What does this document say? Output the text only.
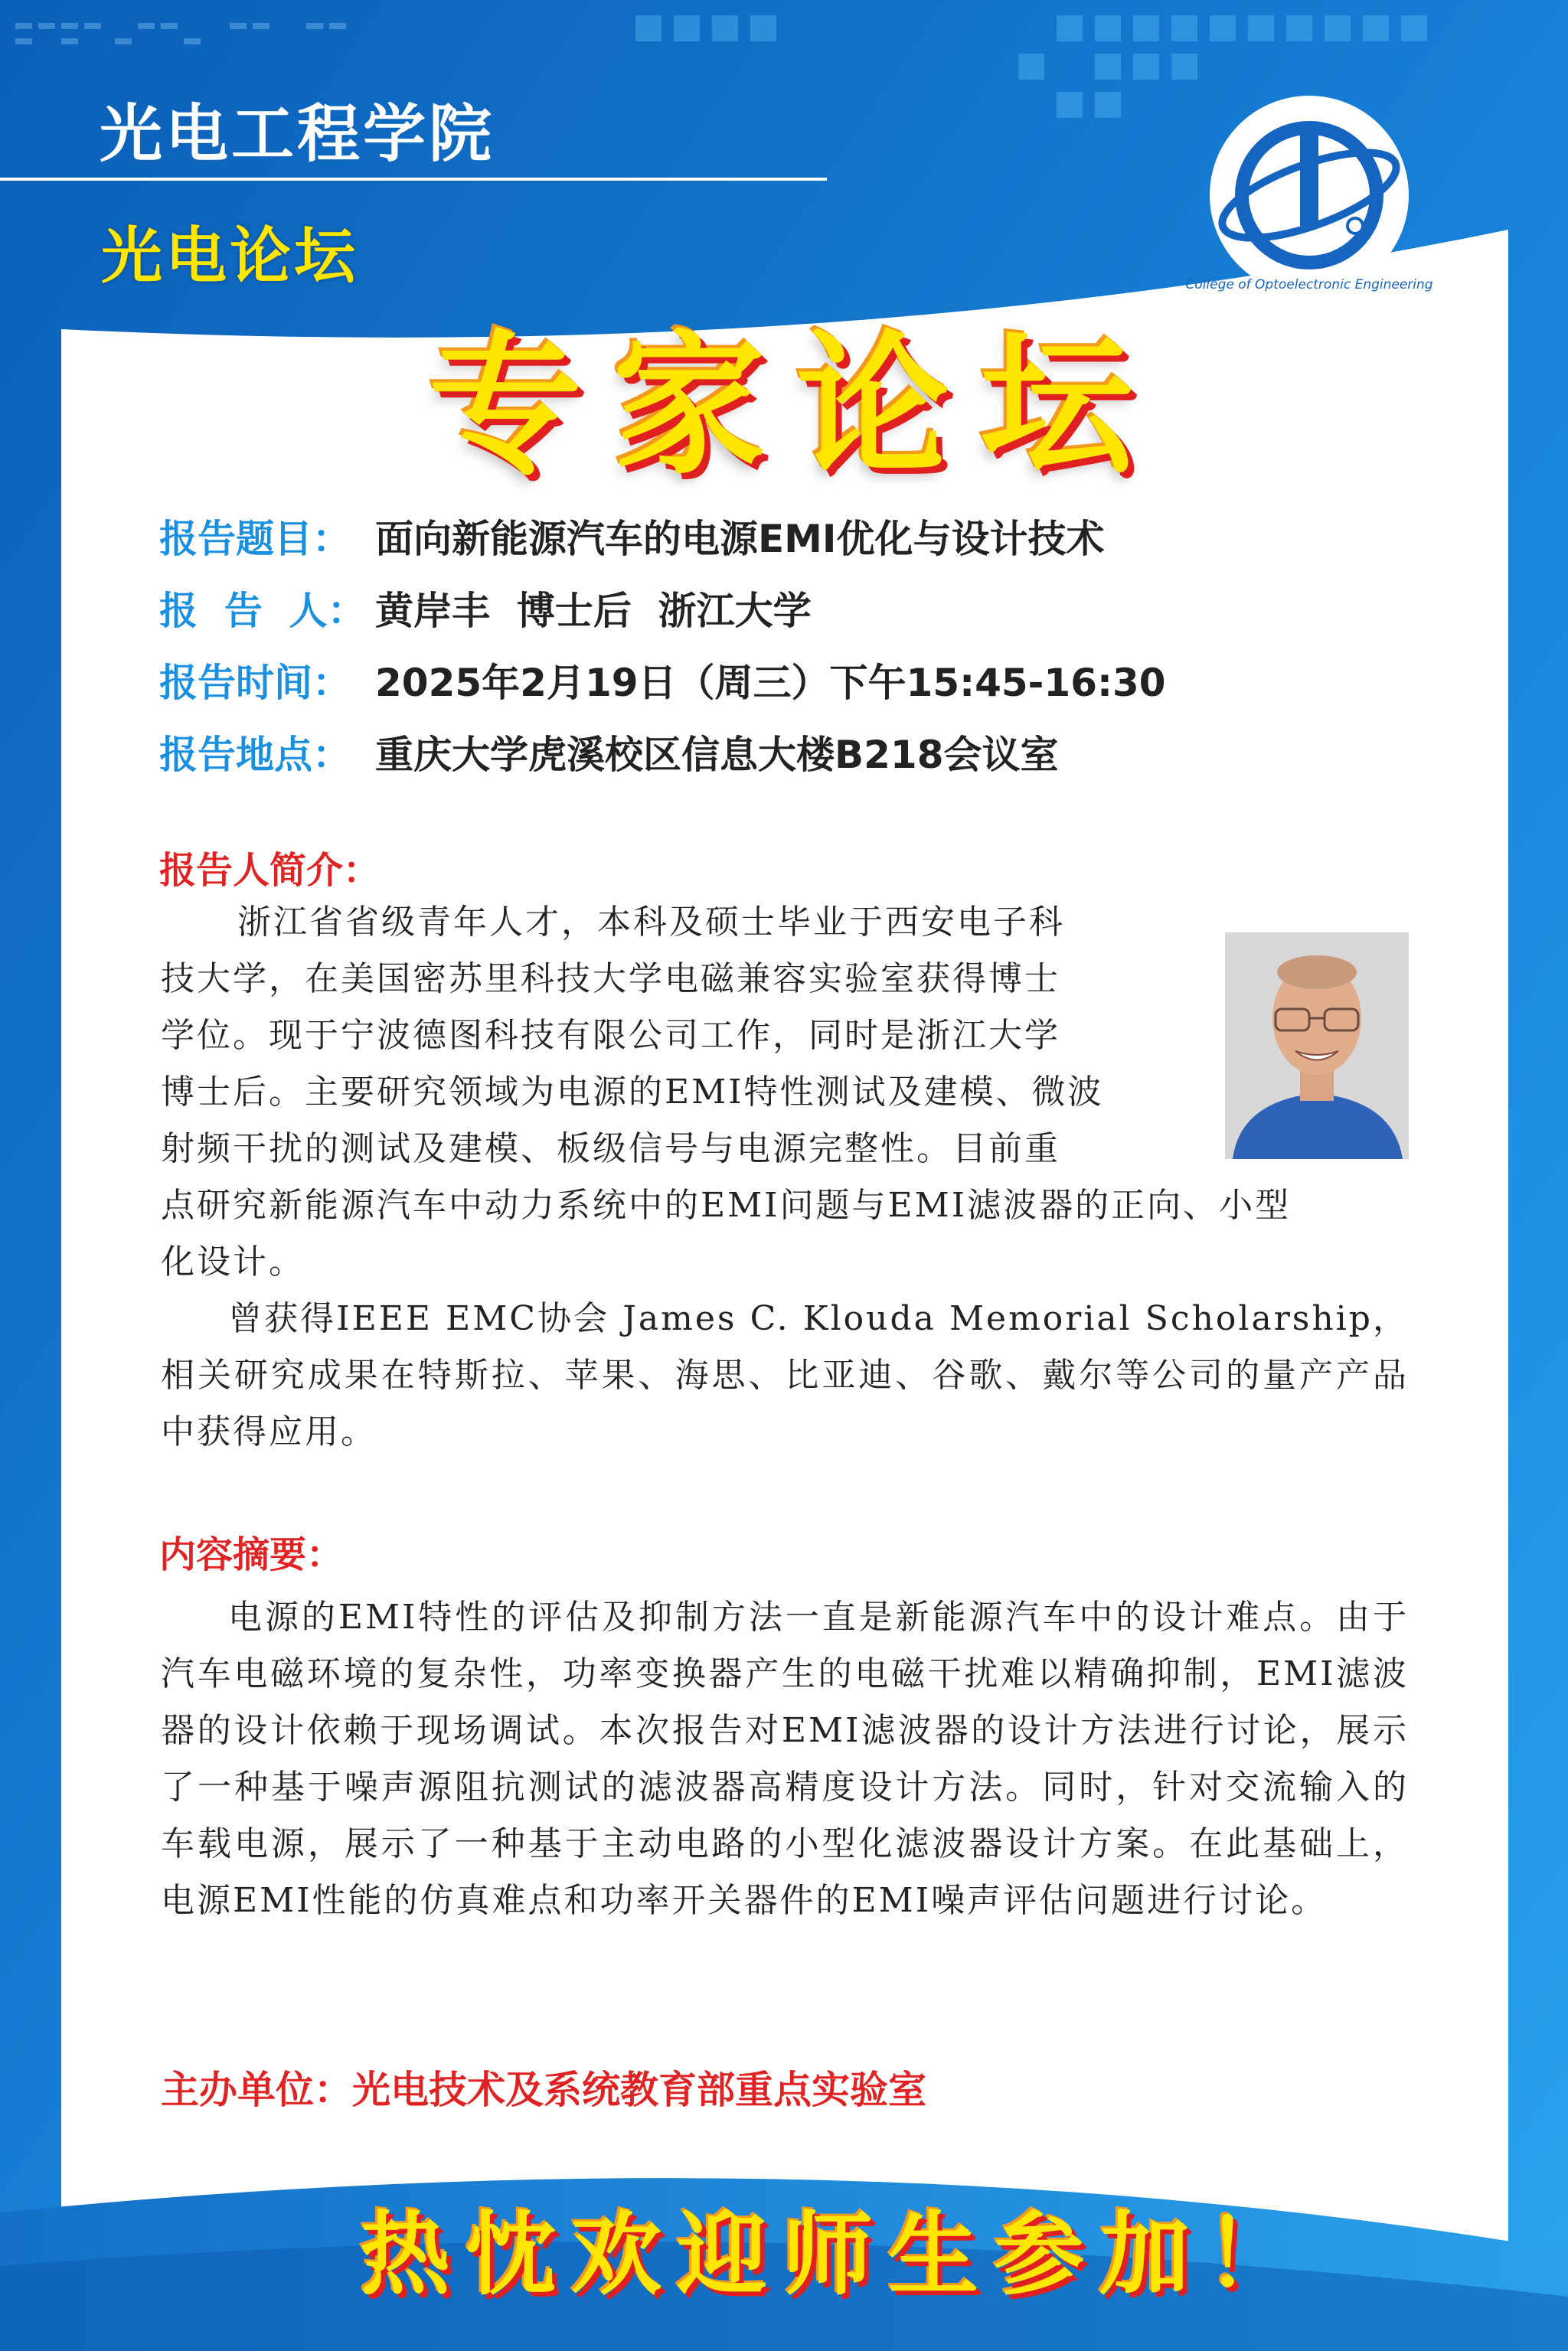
College of Optoelectronic Engineering
光电工程学院
光电论坛
专家论坛
报告题目： 面向新能源汽车的电源EMI优化与设计技术
报  告  人： 黄岸丰  博士后  浙江大学
报告时间： 2025年2月19日（周三）下午15:45-16:30
报告地点： 重庆大学虎溪校区信息大楼B218会议室
报告人简介：
浙江省省级青年人才，本科及硕士毕业于西安电子科
技大学，在美国密苏里科技大学电磁兼容实验室获得博士
学位。现于宁波德图科技有限公司工作，同时是浙江大学
博士后。主要研究领域为电源的EMI特性测试及建模、微波
射频干扰的测试及建模、板级信号与电源完整性。目前重
点研究新能源汽车中动力系统中的EMI问题与EMI滤波器的正向、小型
化设计。

曾获得IEEE EMC协会 James C. Klouda Memorial Scholarship，相关研究成果在特斯拉、苹果、海思、比亚迪、谷歌、戴尔等公司的量产产品中获得应用。

内容摘要：

电源的EMI特性的评估及抑制方法一直是新能源汽车中的设计难点。由于汽车电磁环境的复杂性，功率变换器产生的电磁干扰难以精确抑制，EMI滤波器的设计依赖于现场调试。本次报告对EMI滤波器的设计方法进行讨论，展示了一种基于噪声源阻抗测试的滤波器高精度设计方法。同时，针对交流输入的车载电源，展示了一种基于主动电路的小型化滤波器设计方案。在此基础上，电源EMI性能的仿真难点和功率开关器件的EMI噪声评估问题进行讨论。

主办单位：光电技术及系统教育部重点实验室
热忱欢迎师生参加！
